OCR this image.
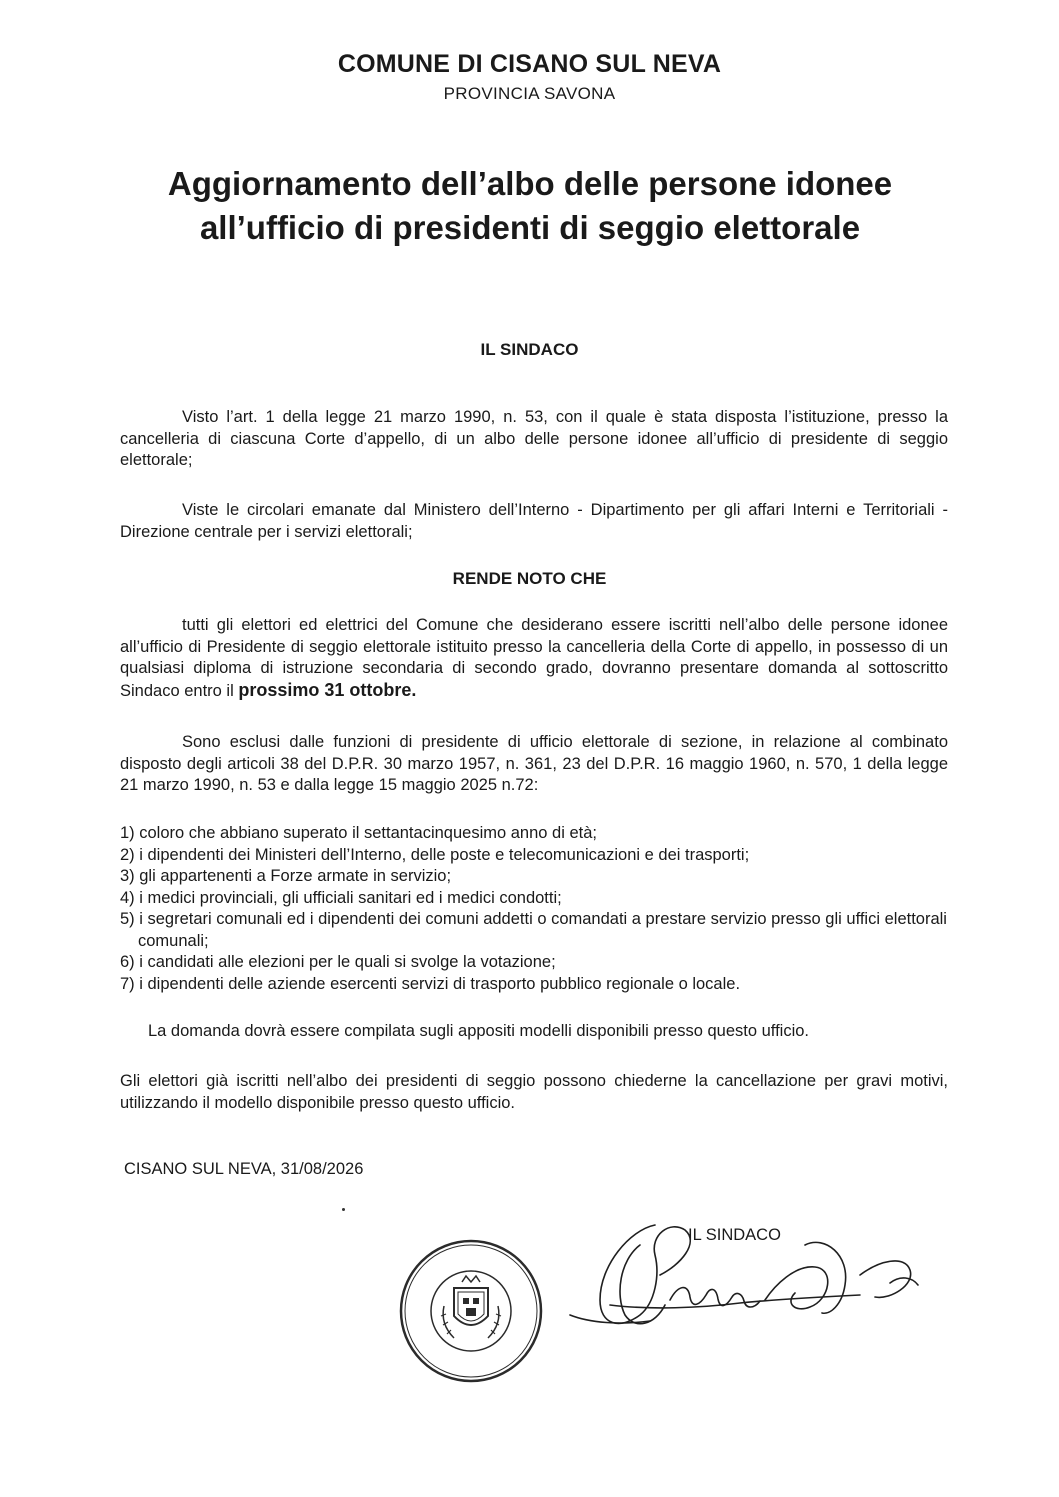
COMUNE DI CISANO SUL NEVA
PROVINCIA SAVONA
Aggiornamento dell’albo delle persone idonee all’ufficio di presidenti di seggio elettorale
IL SINDACO
Visto l’art. 1 della legge 21 marzo 1990, n. 53, con il quale è stata disposta l’istituzione, presso la cancelleria di ciascuna Corte d’appello, di un albo delle persone idonee all’ufficio di presidente di seggio elettorale;
Viste le circolari emanate dal Ministero dell’Interno - Dipartimento per gli affari Interni e Territoriali - Direzione centrale per i servizi elettorali;
RENDE NOTO CHE
tutti gli elettori ed elettrici del Comune che desiderano essere iscritti nell’albo delle persone idonee all’ufficio di Presidente di seggio elettorale istituito presso la cancelleria della Corte di appello, in possesso di un qualsiasi diploma di istruzione secondaria di secondo grado, dovranno presentare domanda al sottoscritto Sindaco entro il prossimo 31 ottobre.
Sono esclusi dalle funzioni di presidente di ufficio elettorale di sezione, in relazione al combinato disposto degli articoli 38 del D.P.R. 30 marzo 1957, n. 361, 23 del D.P.R. 16 maggio 1960, n. 570, 1 della legge 21 marzo 1990, n. 53 e dalla legge 15 maggio 2025 n.72:
1) coloro che abbiano superato il settantacinquesimo anno di età;
2) i dipendenti dei Ministeri dell’Interno, delle poste e telecomunicazioni e dei trasporti;
3) gli appartenenti a Forze armate in servizio;
4) i medici provinciali, gli ufficiali sanitari ed i medici condotti;
5) i segretari comunali ed i dipendenti dei comuni addetti o comandati a prestare servizio presso gli uffici elettorali comunali;
6) i candidati alle elezioni per le quali si svolge la votazione;
7) i dipendenti delle aziende esercenti servizi di trasporto pubblico regionale o locale.
La domanda dovrà essere compilata sugli appositi modelli disponibili presso questo ufficio.
Gli elettori già iscritti nell’albo dei presidenti di seggio possono chiederne la cancellazione per gravi motivi, utilizzando il modello disponibile presso questo ufficio.
CISANO SUL NEVA, 31/08/2026
IL SINDACO
